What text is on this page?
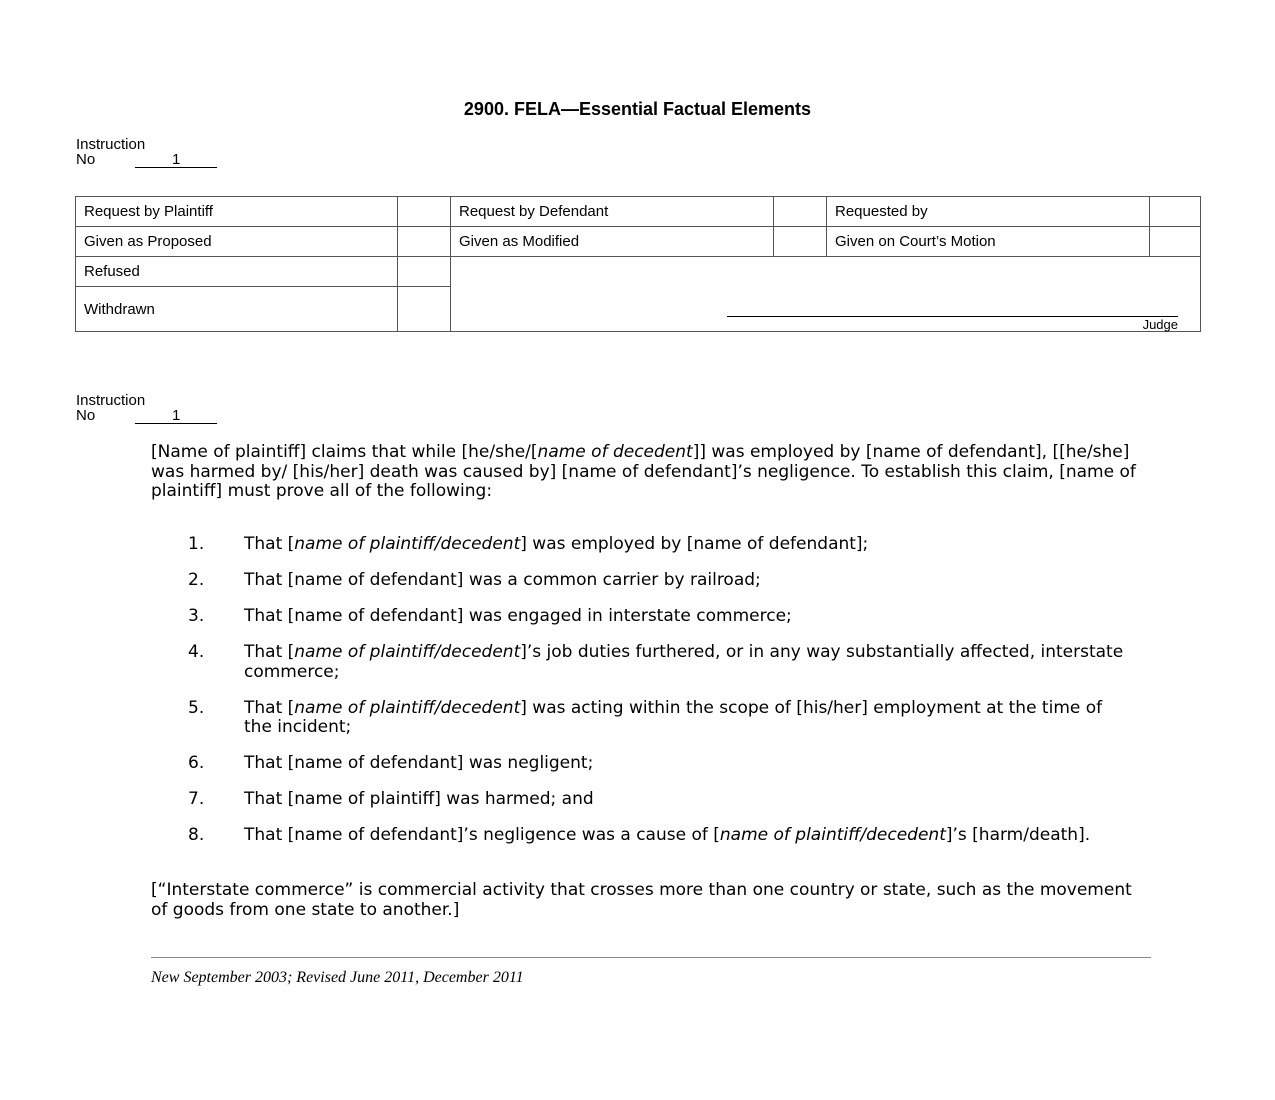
2900. FELA—Essential Factual Elements
Instruction
No	1
Request by Plaintiff		Request by Defendant		Requested by	
Given as Proposed		Given as Modified		Given on Court’s Motion	
Refused		Judge			

Withdrawn					
Instruction
No	1
[Name of plaintiff] claims that while [he/she/[name of decedent]] was employed by [name of defendant], [[he/she] was harmed by/ [his/her] death was caused by] [name of defendant]’s negligence. To establish this claim, [name of plaintiff] must prove all of the following:
1.	That [name of plaintiff/decedent] was employed by [name of defendant];
2.	That [name of defendant] was a common carrier by railroad;
3.	That [name of defendant] was engaged in interstate commerce;
4.	That [name of plaintiff/decedent]’s job duties furthered, or in any way substantially affected, interstate commerce;
5.	That [name of plaintiff/decedent] was acting within the scope of [his/her] employment at the time of the incident;
6.	That [name of defendant] was negligent;
7.	That [name of plaintiff] was harmed; and
8.	That [name of defendant]’s negligence was a cause of [name of plaintiff/decedent]’s [harm/death].
[“Interstate commerce” is commercial activity that crosses more than one country or state, such as the movement of goods from one state to another.]
New September 2003; Revised June 2011, December 2011
